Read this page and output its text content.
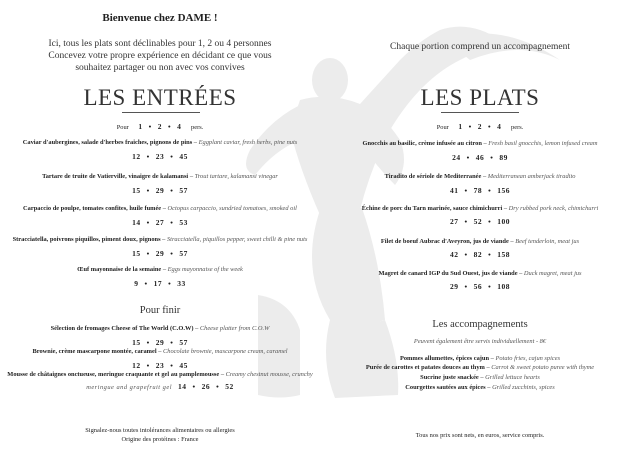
Bienvenue chez DAME !
Ici, tous les plats sont déclinables pour 1, 2 ou 4 personnes
Concevez votre propre expérience en décidant ce que vous
souhaitez partager ou non avec vos convives
LES ENTRÉES
Pour 1 • 2 • 4 pers.
Pour finir
Signalez-nous toutes intolérances alimentaires ou allergies
Origine des protéines : France
Chaque portion comprend un accompagnement
LES PLATS
Pour 1 • 2 • 4 pers.
Les accompagnements
Peuvent également être servis individuellement - 8€
Tous nos prix sont nets, en euros, service compris.
Caviar d'aubergines, salade d'herbes fraiches, pignons de pins – Eggplant caviar, fresh herbs, pine nuts
12 • 23 • 45
Tartare de truite de Vatierville, vinaigre de kalamansi – Trout tartare, kalamansi vinegar
15 • 29 • 57
Carpaccio de poulpe, tomates confites, huile fumée – Octopus carpaccio, sundried tomatoes, smoked oil
14 • 27 • 53
Stracciatella, poivrons piquillos, piment doux, pignons – Stracciatella, piquillos pepper, sweet chilli & pine nuts
15 • 29 • 57
Œuf mayonnaise de la semaine – Eggs mayonnaise of the week
9 • 17 • 33
Gnocchis au basilic, crème infusée au citron – Fresh basil gnocchis, lemon infused cream
24 • 46 • 89
Tiradito de sériole de Mediterranée – Mediterranean amberjack tiradito
41 • 78 • 156
Échine de porc du Tarn marinée, sauce chimichurri – Dry rubbed pork neck, chimichurri
27 • 52 • 100
Filet de boeuf Aubrac d'Aveyron, jus de viande – Beef tenderloin, meat jus
42 • 82 • 158
Magret de canard IGP du Sud Ouest, jus de viande – Duck magret, meat jus
29 • 56 • 108
Sélection de fromages Cheese of The World (C.O.W) – Cheese platter from C.O.W
15 • 29 • 57
Brownie, crème mascarpone montée, caramel – Chocolate brownie, mascarpone cream, caramel
12 • 23 • 45
Mousse de châtaignes onctueuse, meringue craquante et gel au pamplemousse – Creamy chestnut mousse, crunchy
meringue and grapefruit gel 14 • 26 • 52
Pommes allumettes, épices cajun – Potato fries, cajun spices
Purée de carottes et patates douces au thym – Carrot & sweet potato puree with thyme
Sucrine juste snackée – Grilled lettuce hearts
Courgettes sautées aux épices – Grilled zucchinis, spices
